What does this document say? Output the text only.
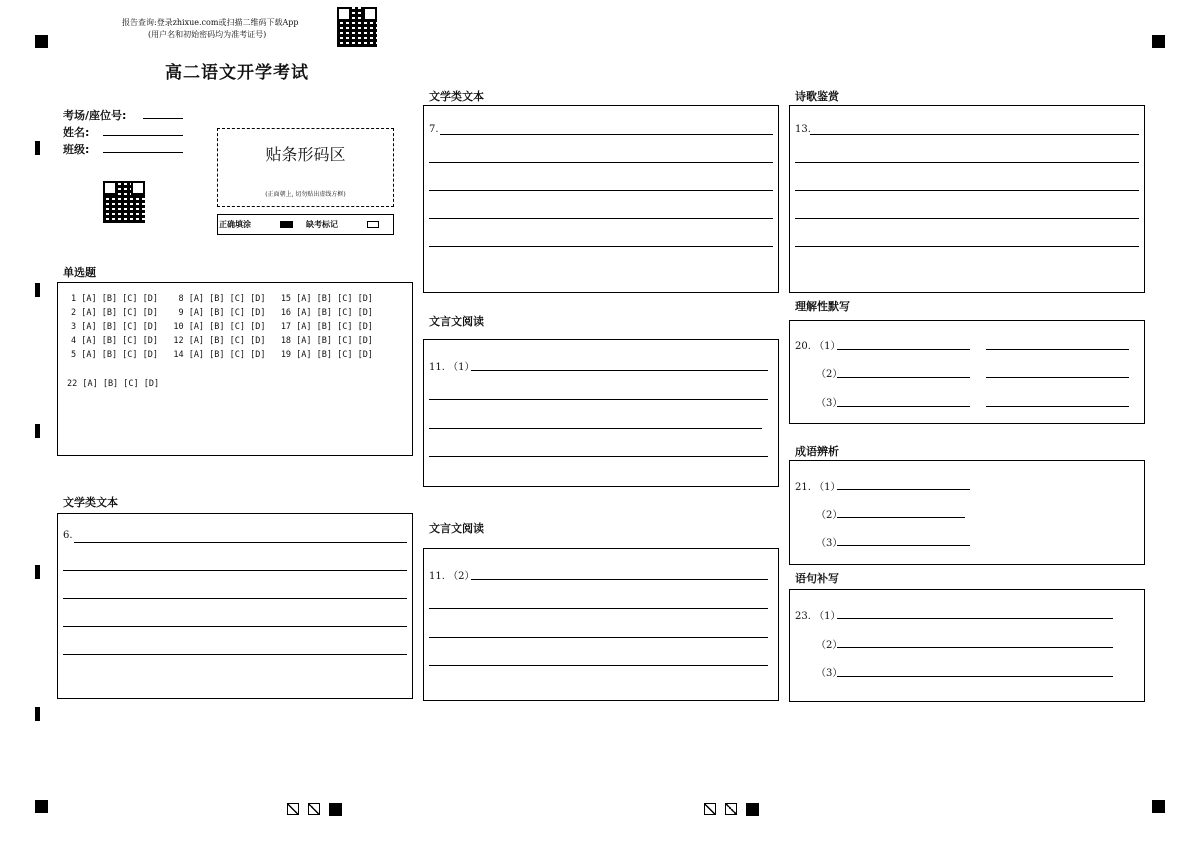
报告查询:登录zhixue.com或扫描二维码下载App
(用户名和初始密码均为准考证号)
高二语文开学考试
考场/座位号:
姓名:
班级:	贴条形码区
(正面朝上, 切勿贴出虚线方框)
正确填涂	缺考标记
单选题
1 [A] [B] [C] [D]    8 [A] [B] [C] [D]   15 [A] [B] [C] [D]
2 [A] [B] [C] [D]    9 [A] [B] [C] [D]   16 [A] [B] [C] [D]
3 [A] [B] [C] [D]   10 [A] [B] [C] [D]   17 [A] [B] [C] [D]
4 [A] [B] [C] [D]   12 [A] [B] [C] [D]   18 [A] [B] [C] [D]
5 [A] [B] [C] [D]   14 [A] [B] [C] [D]   19 [A] [B] [C] [D]
22 [A] [B] [C] [D]
文学类文本
6.
文学类文本
7.
文言文阅读
11. （1）
文言文阅读
11. （2）
诗歌鉴赏
13.
理解性默写
20. （1）
（2）
（3）
成语辨析
21. （1）
（2）
（3）
语句补写
23. （1）
（2）
（3）
